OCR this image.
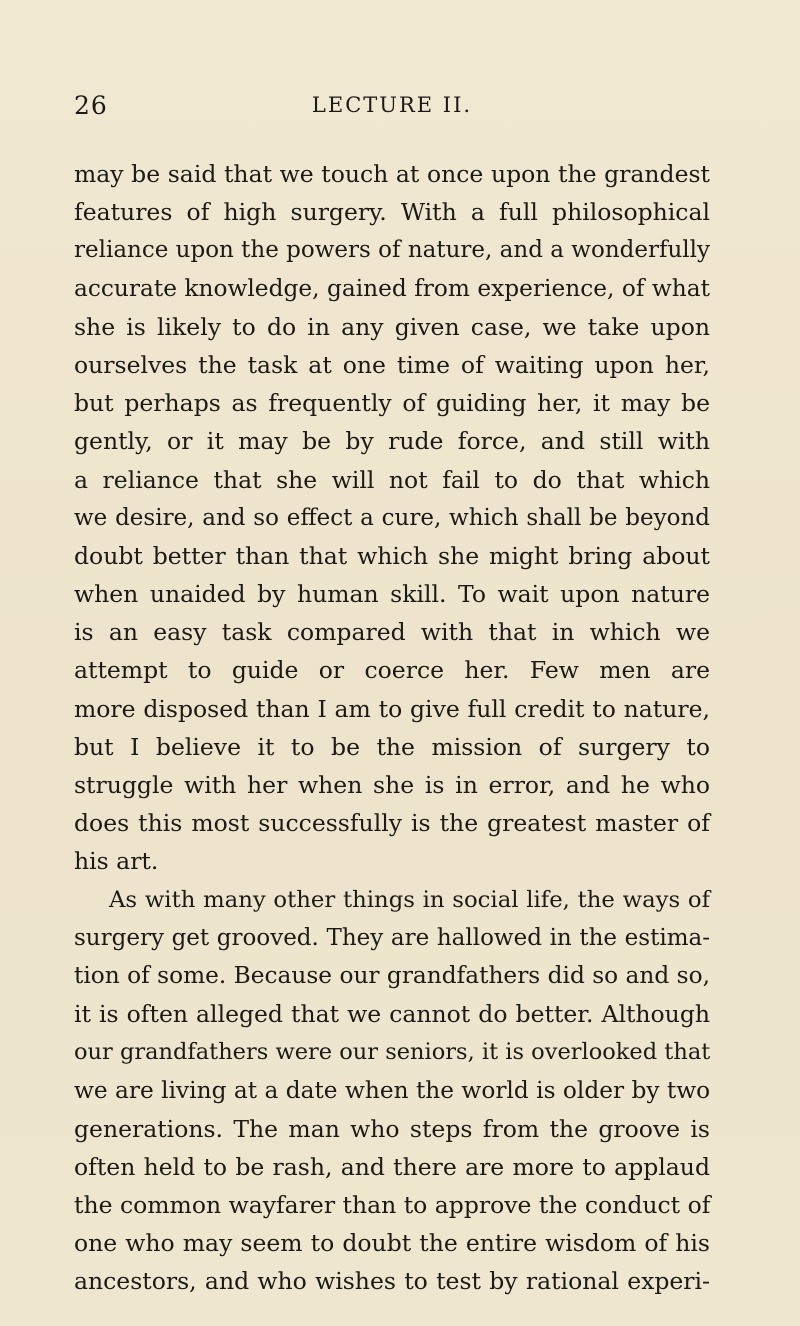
26	LECTURE II.
may be said that we touch at once upon the grandest
features of high surgery. With a full philosophical
reliance upon the powers of nature, and a wonderfully
accurate knowledge, gained from experience, of what
she is likely to do in any given case, we take upon
ourselves the task at one time of waiting upon her,
but perhaps as frequently of guiding her, it may be
gently, or it may be by rude force, and still with
a reliance that she will not fail to do that which
we desire, and so effect a cure, which shall be beyond
doubt better than that which she might bring about
when unaided by human skill. To wait upon nature
is an easy task compared with that in which we
attempt to guide or coerce her. Few men are
more disposed than I am to give full credit to nature,
but I believe it to be the mission of surgery to
struggle with her when she is in error, and he who
does this most successfully is the greatest master of
his art.
As with many other things in social life, the ways of
surgery get grooved. They are hallowed in the estima-
tion of some. Because our grandfathers did so and so,
it is often alleged that we cannot do better. Although
our grandfathers were our seniors, it is overlooked that
we are living at a date when the world is older by two
generations. The man who steps from the groove is
often held to be rash, and there are more to applaud
the common wayfarer than to approve the conduct of
one who may seem to doubt the entire wisdom of his
ancestors, and who wishes to test by rational experi-
